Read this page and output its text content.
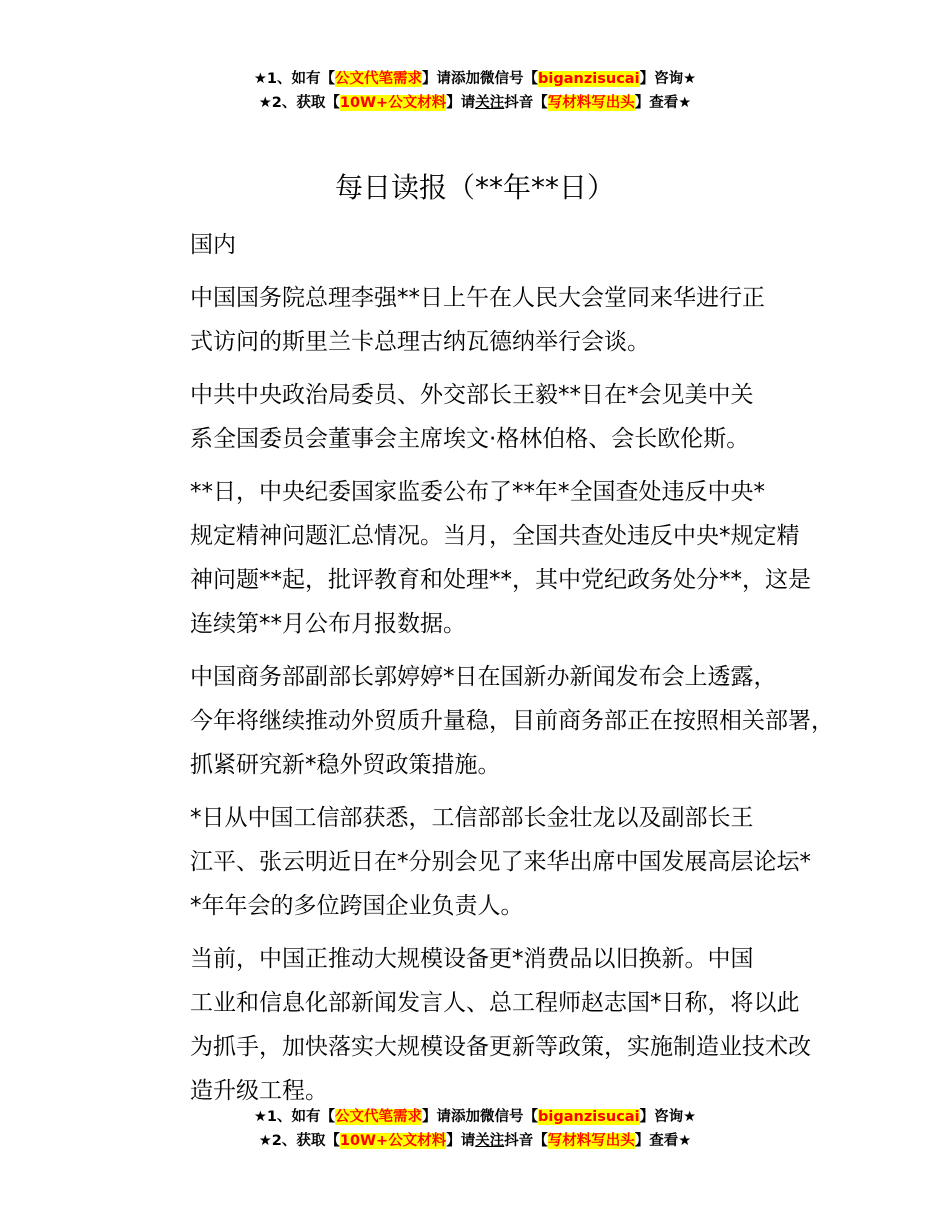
★1、如有【公文代笔需求】请添加微信号【biganzisucai】咨询★
★2、获取【10W+公文材料】请关注抖音【写材料写出头】查看★
每日读报（**年**日）
国内
中国国务院总理李强**日上午在人民大会堂同来华进行正
式访问的斯里兰卡总理古纳瓦德纳举行会谈。
中共中央政治局委员、外交部长王毅**日在*会见美中关
系全国委员会董事会主席埃文·格林伯格、会长欧伦斯。
**日，中央纪委国家监委公布了**年*全国查处违反中央*
规定精神问题汇总情况。当月，全国共查处违反中央*规定精
神问题**起，批评教育和处理**，其中党纪政务处分**，这是
连续第**月公布月报数据。
中国商务部副部长郭婷婷*日在国新办新闻发布会上透露，
今年将继续推动外贸质升量稳，目前商务部正在按照相关部署，
抓紧研究新*稳外贸政策措施。
*日从中国工信部获悉，工信部部长金壮龙以及副部长王
江平、张云明近日在*分别会见了来华出席中国发展高层论坛*
*年年会的多位跨国企业负责人。
当前，中国正推动大规模设备更*消费品以旧换新。中国
工业和信息化部新闻发言人、总工程师赵志国*日称，将以此
为抓手，加快落实大规模设备更新等政策，实施制造业技术改
造升级工程。
★1、如有【公文代笔需求】请添加微信号【biganzisucai】咨询★
★2、获取【10W+公文材料】请关注抖音【写材料写出头】查看★
